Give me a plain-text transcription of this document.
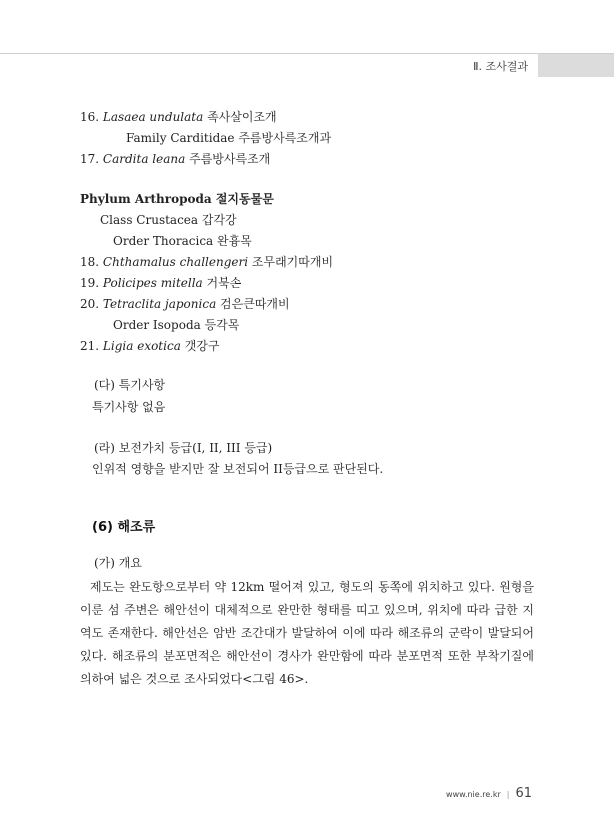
Ⅱ. 조사결과
16. Lasaea undulata 족사살이조개
Family Carditidae 주름방사륵조개과
17. Cardita leana 주름방사륵조개
Phylum Arthropoda 절지동물문
Class Crustacea 갑각강
Order Thoracica 완흉목
18. Chthamalus challengeri 조무래기따개비
19. Policipes mitella 거북손
20. Tetraclita japonica 검은큰따개비
Order Isopoda 등각목
21. Ligia exotica 갯강구
(다) 특기사항
특기사항 없음
(라) 보전가치 등급(I, II, III 등급)
인위적 영향을 받지만 잘 보전되어 II등급으로 판단된다.
(6) 해조류
(가) 개요
제도는 완도항으로부터 약 12km 떨어져 있고, 형도의 동쪽에 위치하고 있다. 원형을 이룬 섬 주변은 해안선이 대체적으로 완만한 형태를 띠고 있으며, 위치에 따라 급한 지역도 존재한다. 해안선은 암반 조간대가 발달하여 이에 따라 해조류의 군락이 발달되어 있다. 해조류의 분포면적은 해안선이 경사가 완만함에 따라 분포면적 또한 부착기질에 의하여 넓은 것으로 조사되었다<그림 46>.
www.nie.re.kr | 61
